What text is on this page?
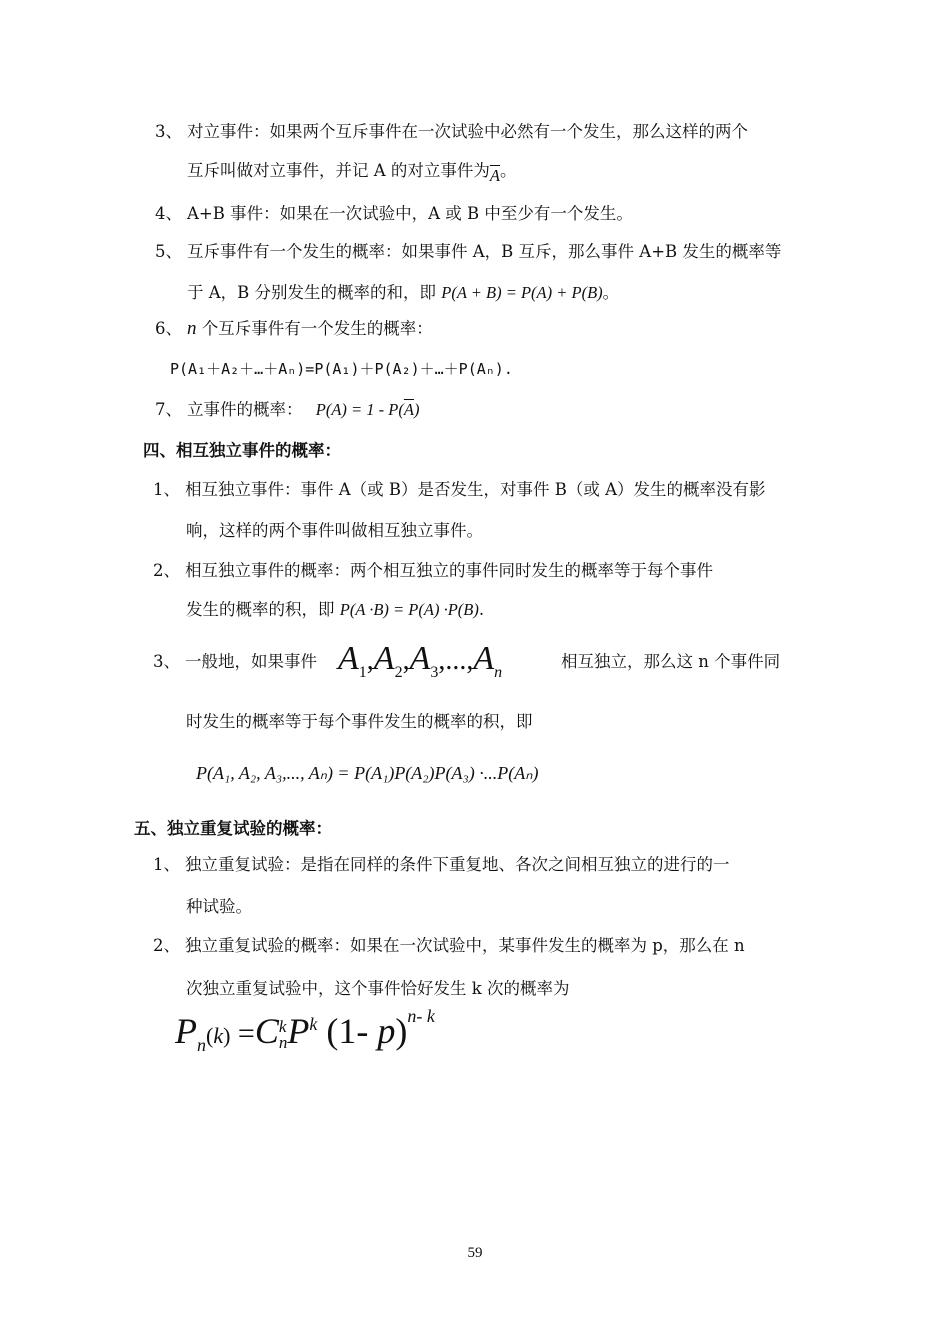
3、 对立事件：如果两个互斥事件在一次试验中必然有一个发生，那么这样的两个
互斥叫做对立事件，并记 A 的对立事件为$\overline{A}$。
4、 A+B 事件：如果在一次试验中，A 或 B 中至少有一个发生。
5、 互斥事件有一个发生的概率：如果事件 A，B 互斥，那么事件 A+B 发生的概率等
于 A，B 分别发生的概率的和，即 P(A + B) = P(A) + P(B)。
6、 n 个互斥事件有一个发生的概率：
P(A₁＋A₂＋…＋Aₙ)=P(A₁)＋P(A₂)＋…＋P(Aₙ).
7、 立事件的概率： $P(A) = 1 - P(\overline{A})$
四、相互独立事件的概率：
1、 相互独立事件：事件 A（或 B）是否发生，对事件 B（或 A）发生的概率没有影
响，这样的两个事件叫做相互独立事件。
2、 相互独立事件的概率：两个相互独立的事件同时发生的概率等于每个事件
发生的概率的积，即 P(A ·B) = P(A) ·P(B).
3、 一般地，如果事件 $A_1,A_2,A_3,...,A_n$
相互独立，那么这 n 个事件同
时发生的概率等于每个事件发生的概率的积，即
P(A₁, A₂, A₃,..., Aₙ) = P(A₁)P(A₂)P(A₃) ·...P(Aₙ)
五、独立重复试验的概率：
1、 独立重复试验：是指在同样的条件下重复地、各次之间相互独立的进行的一
种试验。
2、 独立重复试验的概率：如果在一次试验中，某事件发生的概率为 p，那么在 n
次独立重复试验中，这个事件恰好发生 k 次的概率为
$P_n(k) =C$ k
n $P^k$ (1- p)$^{n- k}$
59
